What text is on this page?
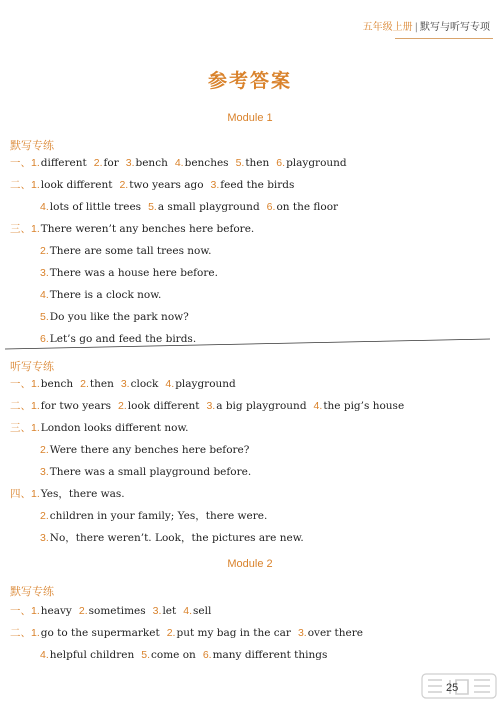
五年级上册 | 默写与听写专项
参考答案
Module 1
默写专练
一、1.different 2.for 3.bench 4.benches 5.then 6.playground
二、1.look different 2.two years ago 3.feed the birds
4.lots of little trees 5.a small playground 6.on the floor
三、1.There weren’t any benches here before.
2.There are some tall trees now.
3.There was a house here before.
4.There is a clock now.
5.Do you like the park now?
6.Let’s go and feed the birds.
听写专练
一、1.bench 2.then 3.clock 4.playground
二、1.for two years 2.look different 3.a big playground 4.the pig’s house
三、1.London looks different now.
2.Were there any benches here before?
3.There was a small playground before.
四、1.Yes，there was.
2.children in your family; Yes，there were.
3.No，there weren’t. Look，the pictures are new.
Module 2
默写专练
一、1.heavy 2.sometimes 3.let 4.sell
二、1.go to the supermarket 2.put my bag in the car 3.over there
4.helpful children 5.come on 6.many different things
25
